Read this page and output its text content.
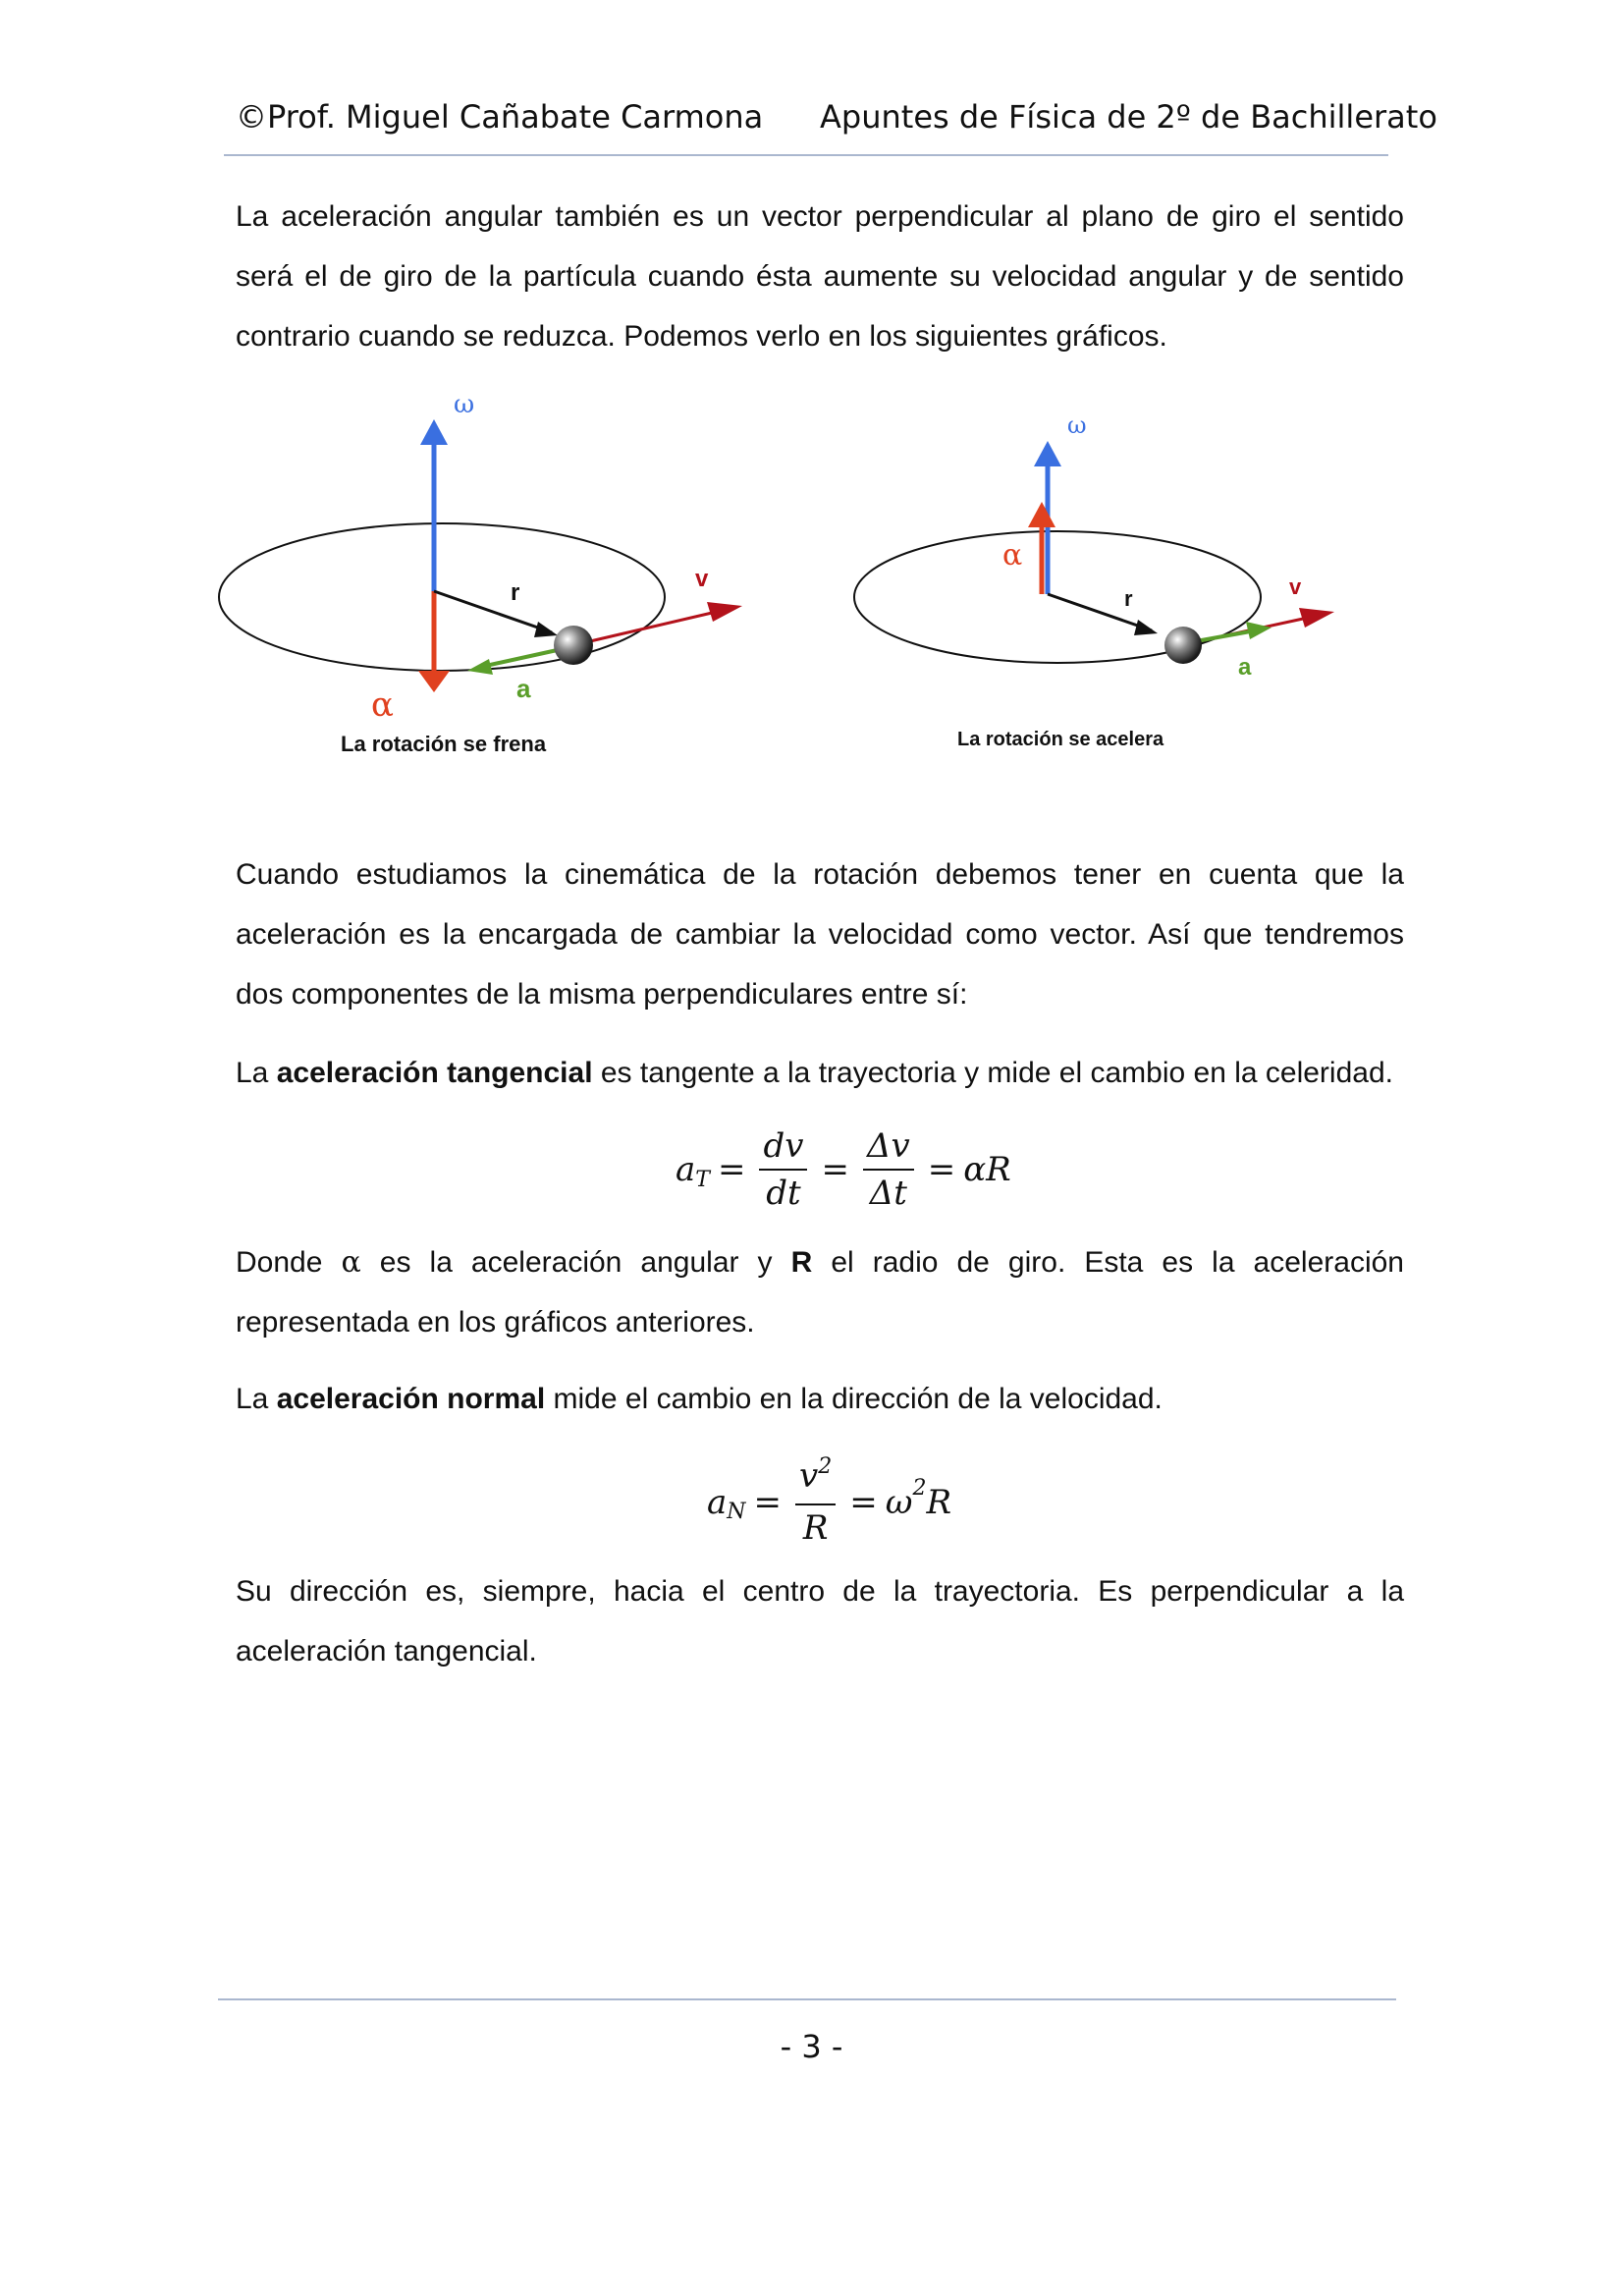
©Prof. Miguel Cañabate Carmona Apuntes de Física de 2º de Bachillerato
La aceleración angular también es un vector perpendicular al plano de giro el sentido será el de giro de la partícula cuando ésta aumente su velocidad angular y de sentido contrario cuando se reduzca. Podemos verlo en los siguientes gráficos.
ω
α
r
v
a
La rotación se frena
ω
α
r	v
a
La rotación se acelera
Cuando estudiamos la cinemática de la rotación debemos tener en cuenta que la aceleración es la encargada de cambiar la velocidad como vector. Así que tendremos dos componentes de la misma perpendiculares entre sí:
La aceleración tangencial es tangente a la trayectoria y mide el cambio en la celeridad.
a $T = \frac{dv}{dt} = \frac{\Delta v}{\Delta t} = \alpha R$
Donde α es la aceleración angular y R el radio de giro. Esta es la aceleración representada en los gráficos anteriores.
La aceleración normal mide el cambio en la dirección de la velocidad.
a $N = \frac{v^2}{R} = \omega$ 2 R
Su dirección es, siempre, hacia el centro de la trayectoria. Es perpendicular a la aceleración tangencial.
- 3 -
